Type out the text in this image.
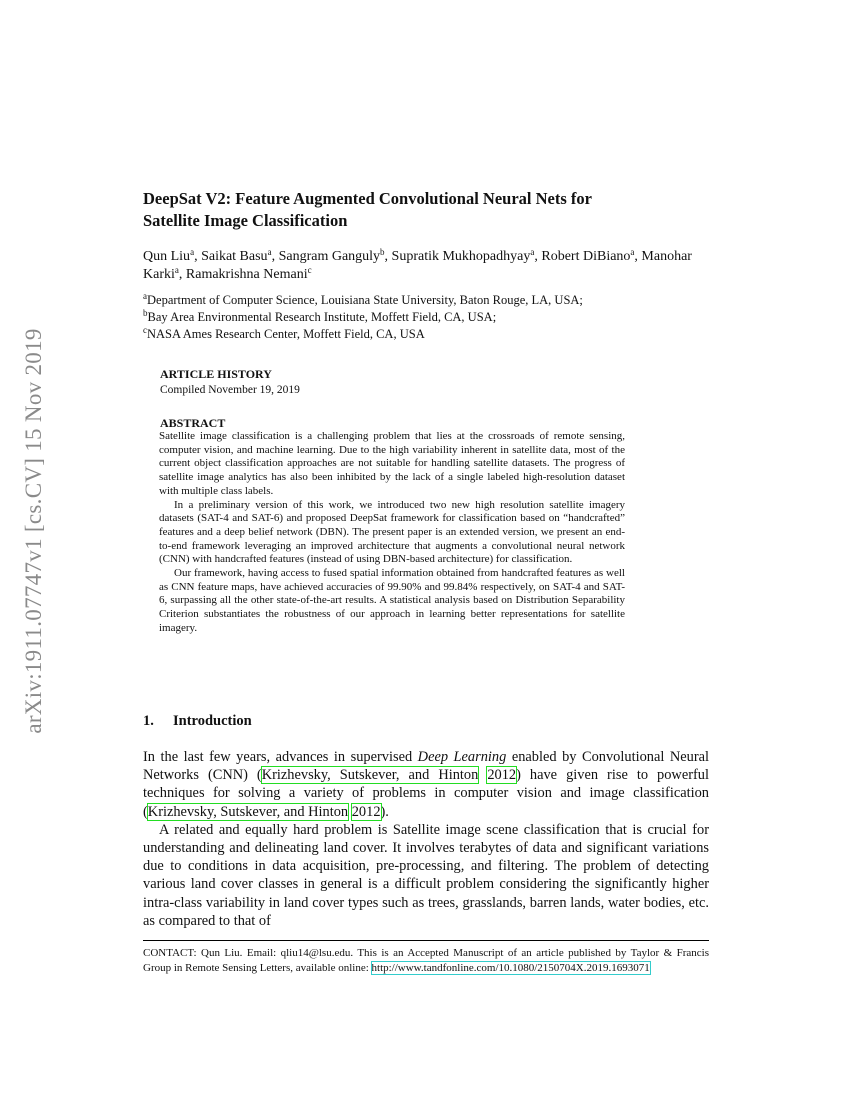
arXiv:1911.07747v1 [cs.CV] 15 Nov 2019
DeepSat V2: Feature Augmented Convolutional Neural Nets for
Satellite Image Classification
Qun Liu$^a$, Saikat Basu$^a$, Sangram Ganguly$^b$, Supratik Mukhopadhyay$^a$, Robert DiBiano$^a$, Manohar Karki$^a$, Ramakrishna Nemani$^c$
$^a$Department of Computer Science, Louisiana State University, Baton Rouge, LA, USA;
$^b$Bay Area Environmental Research Institute, Moffett Field, CA, USA;
$^c$NASA Ames Research Center, Moffett Field, CA, USA
ARTICLE HISTORY
Compiled November 19, 2019
ABSTRACT

Satellite image classification is a challenging problem that lies at the crossroads of remote sensing, computer vision, and machine learning. Due to the high variability inherent in satellite data, most of the current object classification approaches are not suitable for handling satellite datasets. The progress of satellite image analytics has also been inhibited by the lack of a single labeled high-resolution dataset with multiple class labels.

In a preliminary version of this work, we introduced two new high resolution satellite imagery datasets (SAT-4 and SAT-6) and proposed DeepSat framework for classification based on “handcrafted” features and a deep belief network (DBN). The present paper is an extended version, we present an end-to-end framework leveraging an improved architecture that augments a convolutional neural network (CNN) with handcrafted features (instead of using DBN-based architecture) for classification.

Our framework, having access to fused spatial information obtained from handcrafted features as well as CNN feature maps, have achieved accuracies of 99.90% and 99.84% respectively, on SAT-4 and SAT-6, surpassing all the other state-of-the-art results. A statistical analysis based on Distribution Separability Criterion substantiates the robustness of our approach in learning better representations for satellite imagery.

1. Introduction

In the last few years, advances in supervised Deep Learning enabled by Convolutional Neural Networks (CNN) (Krizhevsky, Sutskever, and Hinton 2012) have given rise to powerful techniques for solving a variety of problems in computer vision and image classification (Krizhevsky, Sutskever, and Hinton 2012).

A related and equally hard problem is Satellite image scene classification that is crucial for understanding and delineating land cover. It involves terabytes of data and significant variations due to conditions in data acquisition, pre-processing, and filtering. The problem of detecting various land cover classes in general is a difficult problem considering the significantly higher intra-class variability in land cover types such as trees, grasslands, barren lands, water bodies, etc. as compared to that of

CONTACT: Qun Liu. Email: qliu14@lsu.edu. This is an Accepted Manuscript of an article published by Taylor & Francis Group in Remote Sensing Letters, available online: http://www.tandfonline.com/10.1080/2150704X.2019.1693071
